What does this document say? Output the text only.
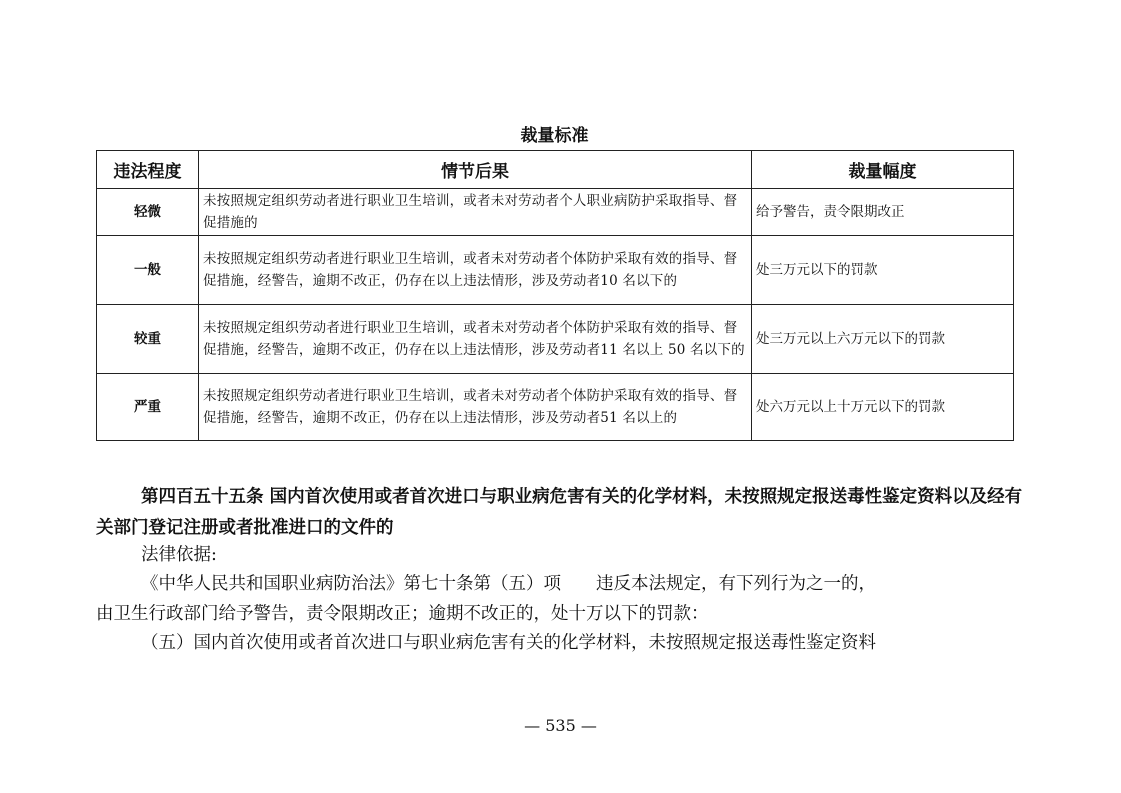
裁量标准
违法程度	情节后果	裁量幅度
轻微	未按照规定组织劳动者进行职业卫生培训，或者未对劳动者个人职业病防护采取指导、督促措施的	给予警告，责令限期改正
一般	未按照规定组织劳动者进行职业卫生培训，或者未对劳动者个体防护采取有效的指导、督促措施，经警告，逾期不改正，仍存在以上违法情形，涉及劳动者10 名以下的	处三万元以下的罚款
较重	未按照规定组织劳动者进行职业卫生培训，或者未对劳动者个体防护采取有效的指导、督促措施，经警告，逾期不改正，仍存在以上违法情形，涉及劳动者11 名以上 50 名以下的	处三万元以上六万元以下的罚款
严重	未按照规定组织劳动者进行职业卫生培训，或者未对劳动者个体防护采取有效的指导、督促措施，经警告，逾期不改正，仍存在以上违法情形，涉及劳动者51 名以上的	处六万元以上十万元以下的罚款
第四百五十五条 国内首次使用或者首次进口与职业病危害有关的化学材料，未按照规定报送毒性鉴定资料以及经有关部门登记注册或者批准进口的文件的
法律依据:
《中华人民共和国职业病防治法》第七十条第（五）项　　违反本法规定，有下列行为之一的，
由卫生行政部门给予警告，责令限期改正；逾期不改正的，处十万以下的罚款：
（五）国内首次使用或者首次进口与职业病危害有关的化学材料，未按照规定报送毒性鉴定资料
— 535 —
